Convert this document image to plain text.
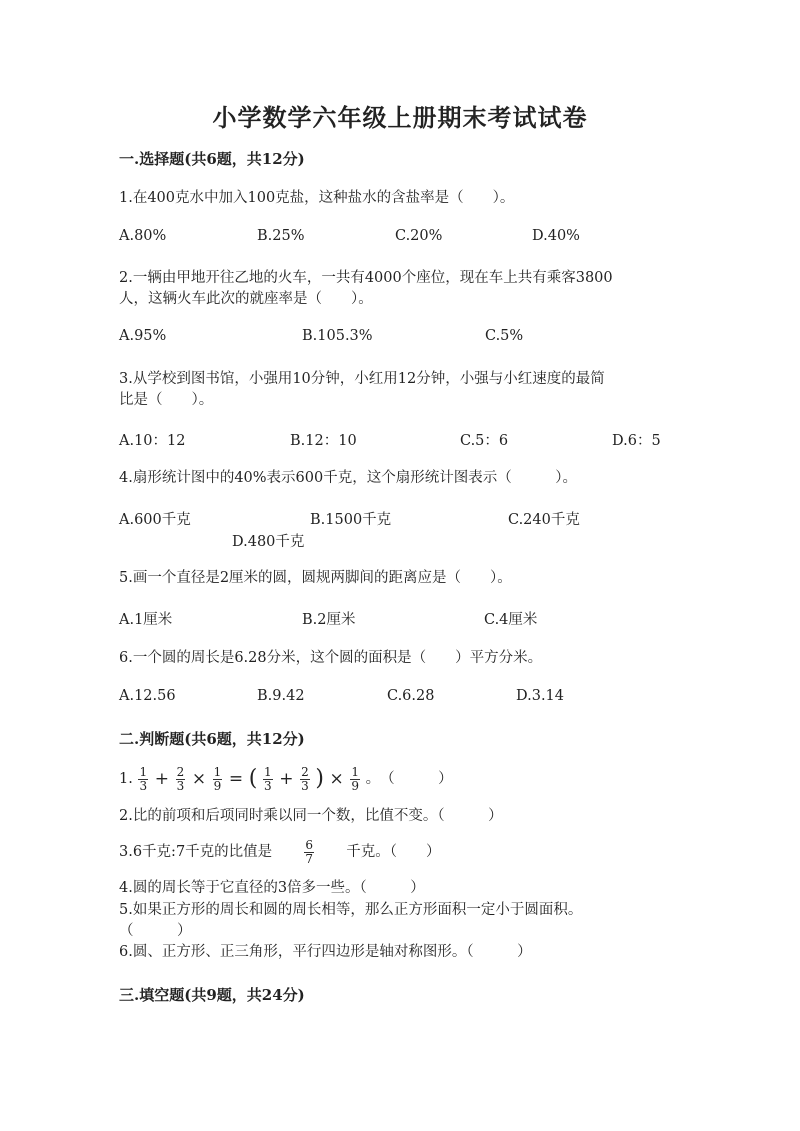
小学数学六年级上册期末考试试卷
一.选择题(共6题，共12分)
1.在400克水中加入100克盐，这种盐水的含盐率是（　　）。
A.80%	B.25%	C.20%	D.40%
2.一辆由甲地开往乙地的火车，一共有4000个座位，现在车上共有乘客3800
人，这辆火车此次的就座率是（　　）。
A.95%	B.105.3%	C.5%
3.从学校到图书馆，小强用10分钟，小红用12分钟，小强与小红速度的最简
比是（　　）。
A.10：12	B.12：10	C.5：6	D.6：5
4.扇形统计图中的40%表示600千克，这个扇形统计图表示（　　　）。
A.600千克	B.1500千克	C.240千克
D.480千克
5.画一个直径是2厘米的圆，圆规两脚间的距离应是（　　）。
A.1厘米	B.2厘米	C.4厘米
6.一个圆的周长是6.28分米，这个圆的面积是（　　）平方分米。
A.12.56	B.9.42	C.6.28	D.3.14
二.判断题(共6题，共12分)
1. $\frac{1}{3} + \frac{2}{3} \times \frac{1}{9}$ = ( $\frac{1}{3} + \frac{2}{3}$ ) × $\frac{1}{9}$ 。　（　　　）
2.比的前项和后项同时乘以同一个数，比值不变。（　　　）
3.6千克:7千克的比值是	$\frac{6}{7}$ 千克。（　　）
4.圆的周长等于它直径的3倍多一些。（　　　）
5.如果正方形的周长和圆的周长相等，那么正方形面积一定小于圆面积。
（　　　）
6.圆、正方形、正三角形，平行四边形是轴对称图形。（　　　）
三.填空题(共9题，共24分)
